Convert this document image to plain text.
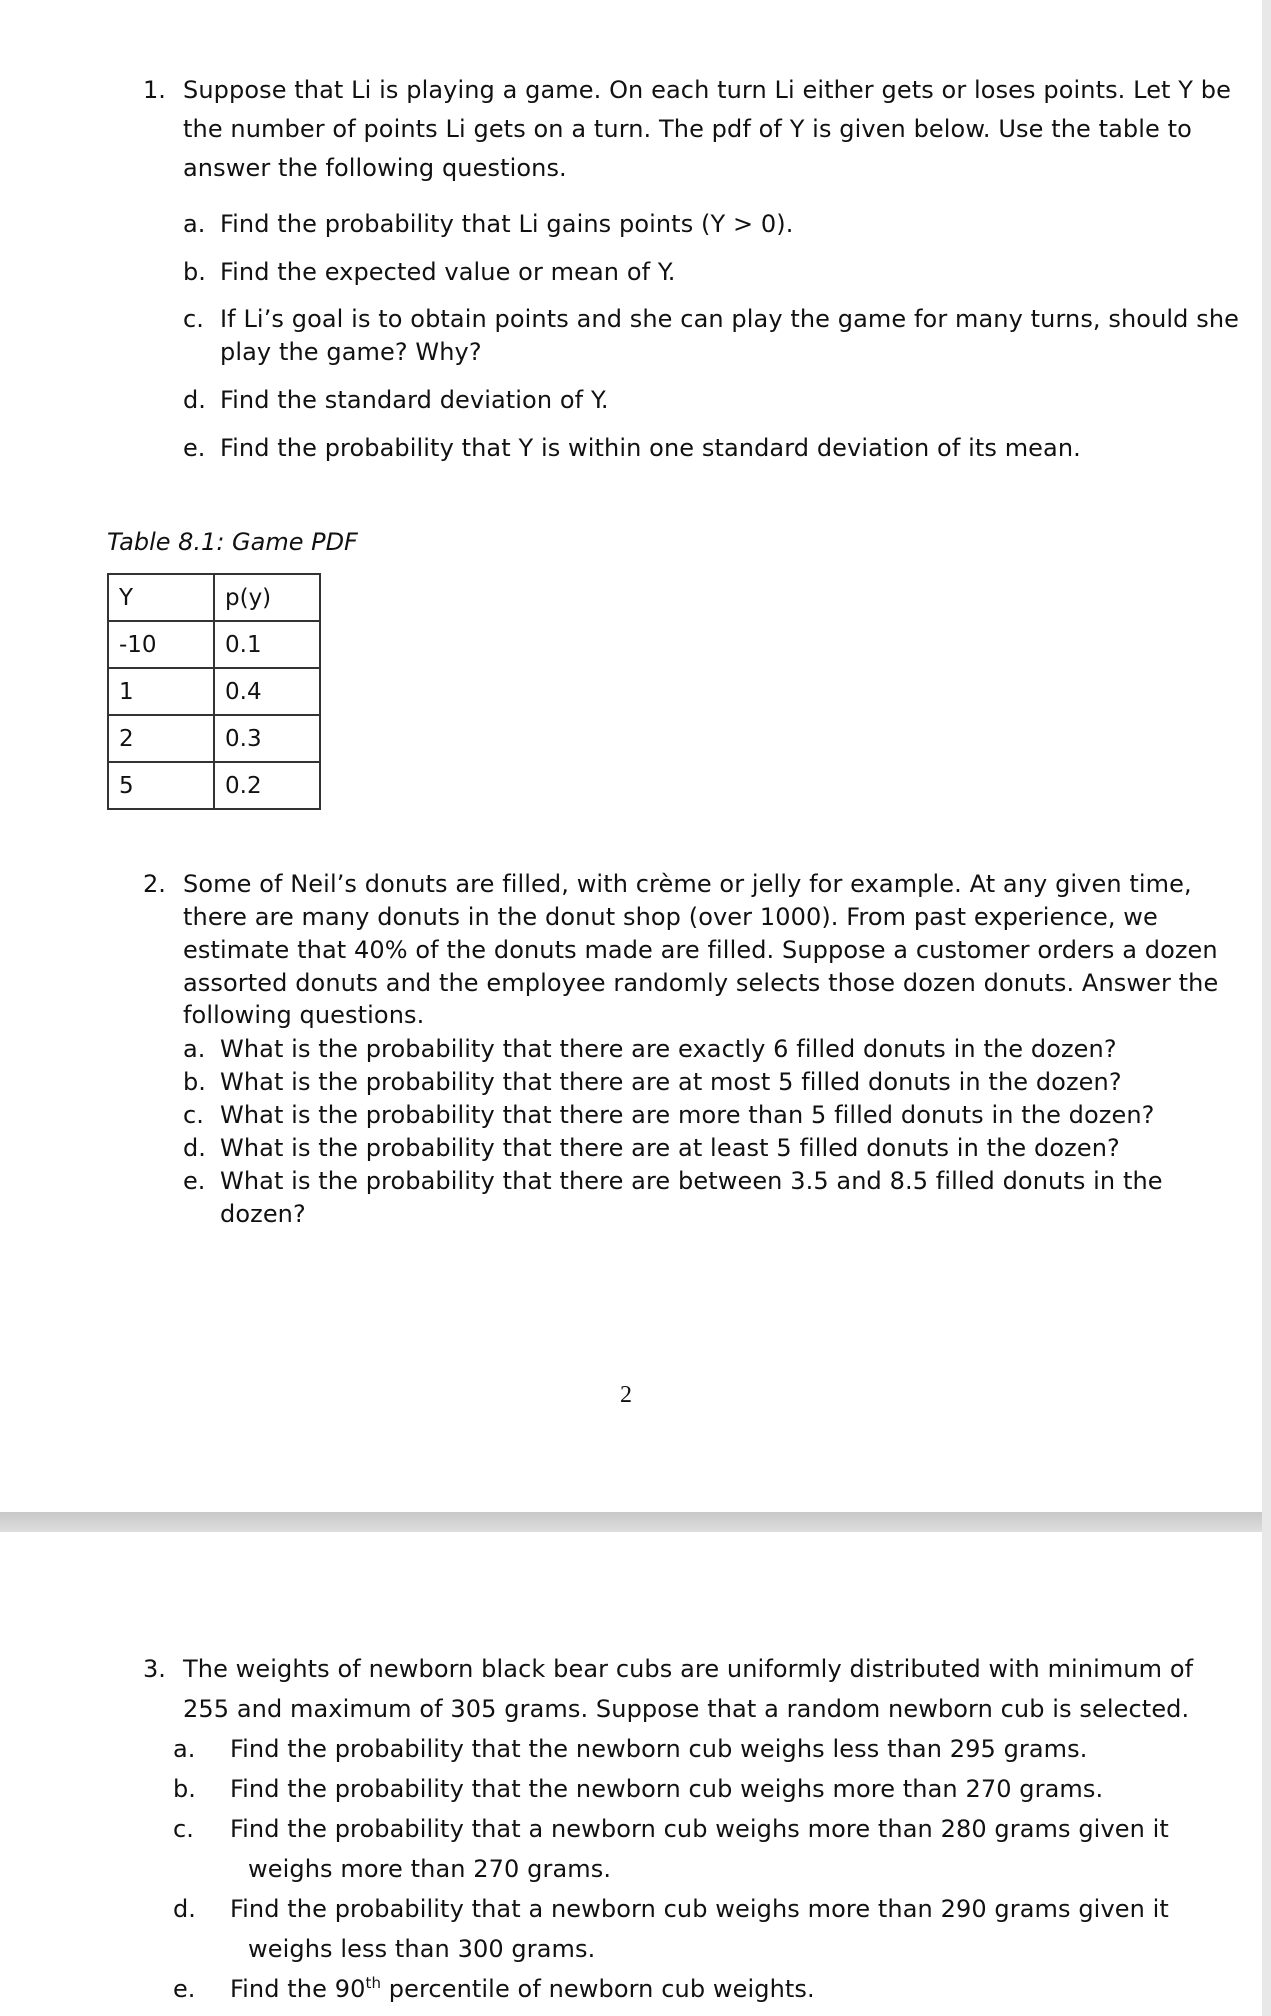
1. Suppose that Li is playing a game. On each turn Li either gets or loses points. Let Y be
the number of points Li gets on a turn. The pdf of Y is given below. Use the table to
answer the following questions.
a. Find the probability that Li gains points (Y > 0).
b. Find the expected value or mean of Y.
c. If Li’s goal is to obtain points and she can play the game for many turns, should she
play the game? Why?
d. Find the standard deviation of Y.
e. Find the probability that Y is within one standard deviation of its mean.
Table 8.1: Game PDF
Y	p(y)
-10	0.1
1	0.4
2	0.3
5	0.2
2. Some of Neil’s donuts are filled, with crème or jelly for example. At any given time,
there are many donuts in the donut shop (over 1000). From past experience, we
estimate that 40% of the donuts made are filled. Suppose a customer orders a dozen
assorted donuts and the employee randomly selects those dozen donuts. Answer the
following questions.
a. What is the probability that there are exactly 6 filled donuts in the dozen?
b. What is the probability that there are at most 5 filled donuts in the dozen?
c. What is the probability that there are more than 5 filled donuts in the dozen?
d. What is the probability that there are at least 5 filled donuts in the dozen?
e. What is the probability that there are between 3.5 and 8.5 filled donuts in the
dozen?
2
3. The weights of newborn black bear cubs are uniformly distributed with minimum of
255 and maximum of 305 grams. Suppose that a random newborn cub is selected.
a. Find the probability that the newborn cub weighs less than 295 grams.
b. Find the probability that the newborn cub weighs more than 270 grams.
c. Find the probability that a newborn cub weighs more than 280 grams given it
weighs more than 270 grams.
d. Find the probability that a newborn cub weighs more than 290 grams given it
weighs less than 300 grams.
e. Find the 90th percentile of newborn cub weights.
